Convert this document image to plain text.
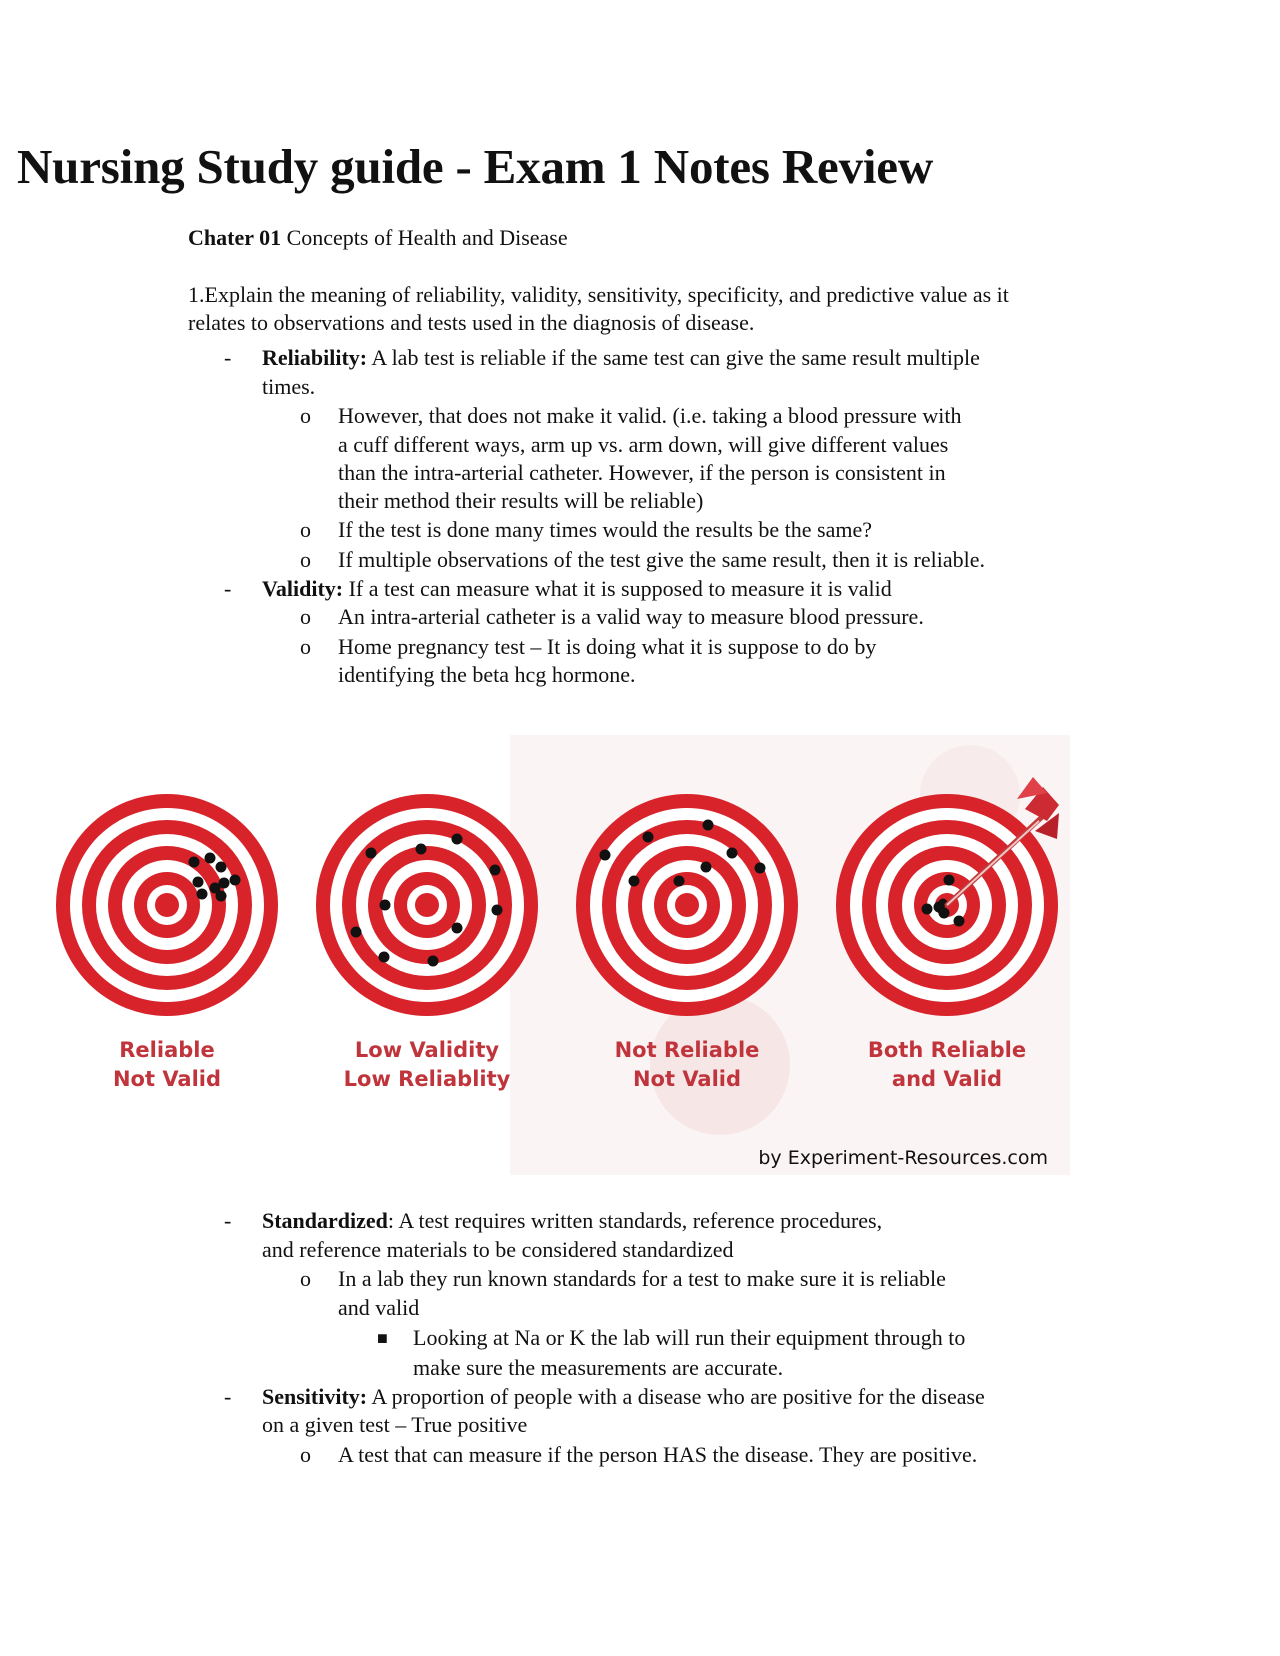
Nursing Study guide - Exam 1 Notes Review
Chater 01 Concepts of Health and Disease
1.Explain the meaning of reliability, validity, sensitivity, specificity, and predictive value as it relates to observations and tests used in the diagnosis of disease.
- Reliability: A lab test is reliable if the same test can give the same result multiple
times.
o However, that does not make it valid. (i.e. taking a blood pressure with
a cuff different ways, arm up vs. arm down, will give different values
than the intra-arterial catheter. However, if the person is consistent in
their method their results will be reliable)
o If the test is done many times would the results be the same?
o If multiple observations of the test give the same result, then it is reliable.
- Validity: If a test can measure what it is supposed to measure it is valid
o An intra-arterial catheter is a valid way to measure blood pressure.
o Home pregnancy test – It is doing what it is suppose to do by
identifying the beta hcg hormone.
Reliable
Not Valid
Low Validity
Low Reliablity
Not Reliable
Not Valid
Both Reliable
and Valid
by Experiment-Resources.com
- Standardized: A test requires written standards, reference procedures,
and reference materials to be considered standardized
o In a lab they run known standards for a test to make sure it is reliable
and valid
■ Looking at Na or K the lab will run their equipment through to
make sure the measurements are accurate.
- Sensitivity: A proportion of people with a disease who are positive for the disease
on a given test – True positive
o A test that can measure if the person HAS the disease. They are positive.
